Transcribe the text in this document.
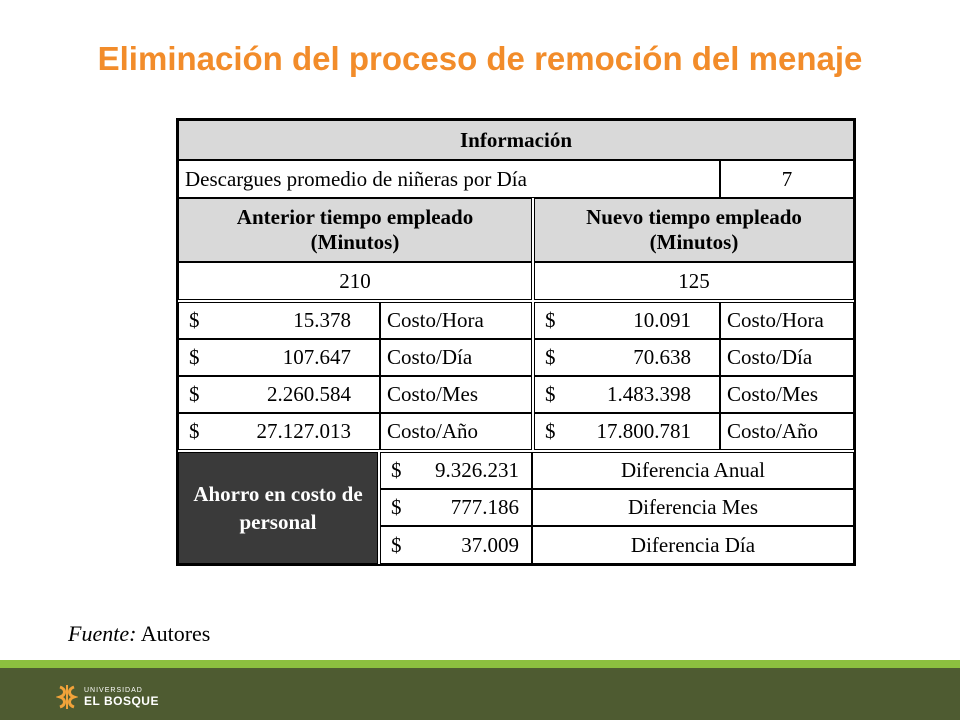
Eliminación del proceso de remoción del menaje
Información
Descargues promedio de niñeras por Día	7
Anterior tiempo empleado (Minutos)
Nuevo tiempo empleado (Minutos)
210	125
$	15.378	Costo/Hora	$	10.091	Costo/Hora
$	107.647	Costo/Día	$	70.638	Costo/Día
$	2.260.584	Costo/Mes	$ 1.483.398	Costo/Mes
$	27.127.013	Costo/Año	$ 17.800.781	Costo/Año
Ahorro en costo de personal
$ 9.326.231	Diferencia Anual
$ 777.186	Diferencia Mes
$	37.009	Diferencia Día
Fuente: Autores
UNIVERSIDAD
EL BOSQUE
